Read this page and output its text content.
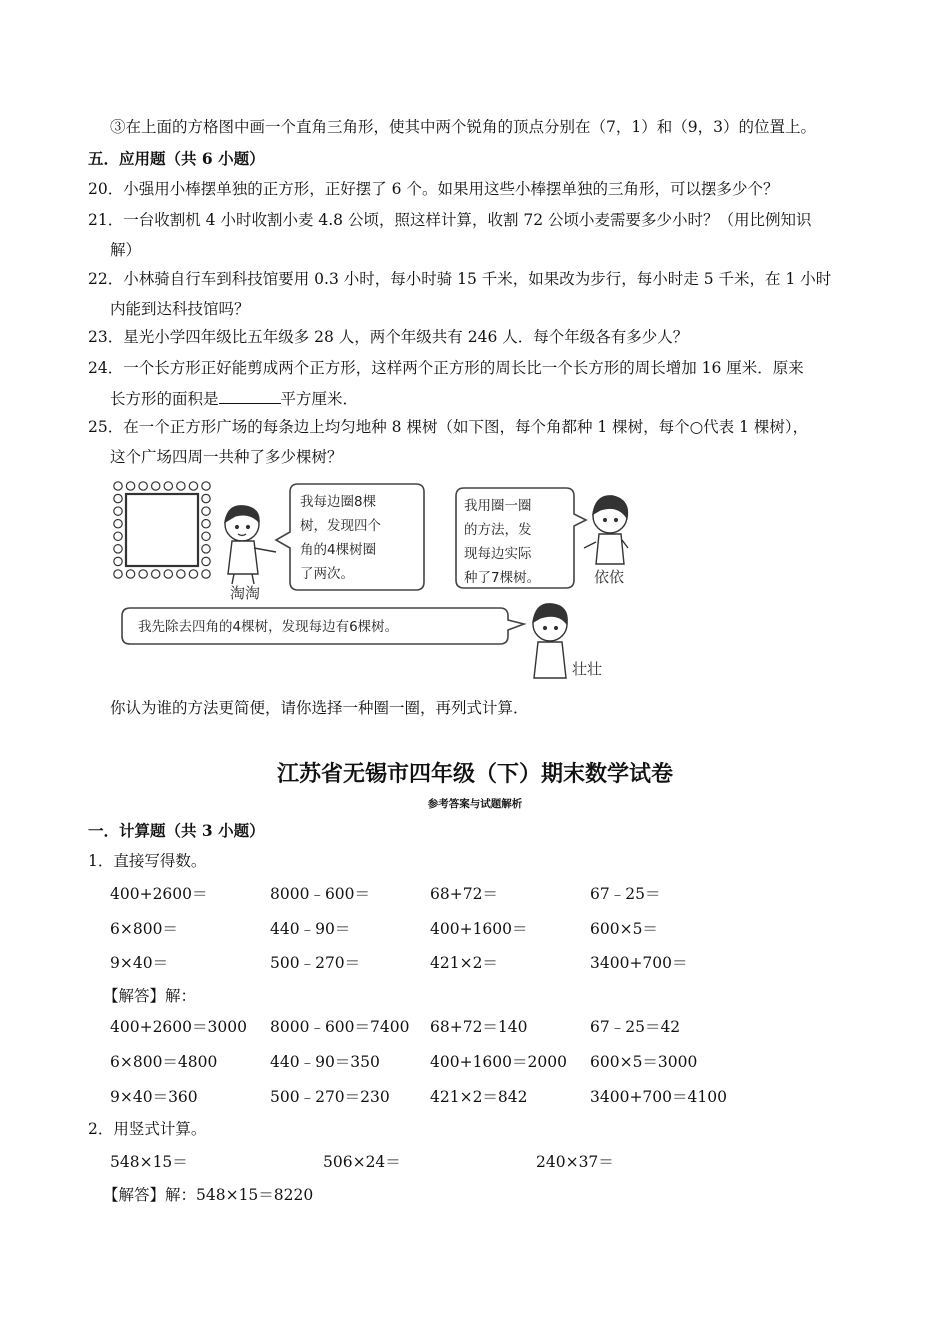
③在上面的方格图中画一个直角三角形，使其中两个锐角的顶点分别在（7，1）和（9，3）的位置上。
五．应用题（共 6 小题）
20．小强用小棒摆单独的正方形，正好摆了 6 个。如果用这些小棒摆单独的三角形，可以摆多少个？
21．一台收割机 4 小时收割小麦 4.8 公顷，照这样计算，收割 72 公顷小麦需要多少小时？（用比例知识
解）
22．小林骑自行车到科技馆要用 0.3 小时，每小时骑 15 千米，如果改为步行，每小时走 5 千米，在 1 小时
内能到达科技馆吗？
23．星光小学四年级比五年级多 28 人，两个年级共有 246 人．每个年级各有多少人？
24．一个长方形正好能剪成两个正方形，这样两个正方形的周长比一个长方形的周长增加 16 厘米．原来
长方形的面积是	平方厘米．
25．在一个正方形广场的每条边上均匀地种 8 棵树（如下图，每个角都种 1 棵树，每个○代表 1 棵树），
这个广场四周一共种了多少棵树？
我每边圈8棵
树，发现四个
角的4棵树圈
了两次。
淘淘
我用圈一圈
的方法，发
现每边实际
种了7棵树。	依依
我先除去四角的4棵树，发现每边有6棵树。
壮壮
你认为谁的方法更简便，请你选择一种圈一圈，再列式计算．
江苏省无锡市四年级（下）期末数学试卷
参考答案与试题解析
一．计算题（共 3 小题）
1．直接写得数。
400+2600＝	8000﹣600＝	68+72＝	67﹣25＝
6×800＝	440﹣90＝	400+1600＝	600×5＝
9×40＝	500﹣270＝	421×2＝	3400+700＝
【解答】解：
400+2600＝3000	8000﹣600＝7400	68+72＝140	67﹣25＝42
6×800＝4800	440﹣90＝350	400+1600＝2000	600×5＝3000
9×40＝360	500﹣270＝230	421×2＝842	3400+700＝4100
2．用竖式计算。
548×15＝	506×24＝	240×37＝
【解答】解：548×15＝8220
